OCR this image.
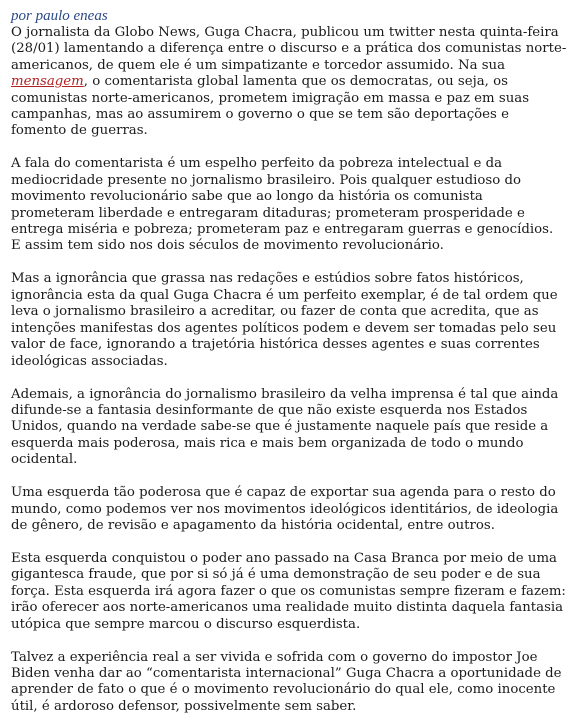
por paulo eneas

O jornalista da Globo News, Guga Chacra, publicou um twitter nesta quinta-feira (28/01) lamentando a diferença entre o discurso e a prática dos comunistas norte-americanos, de quem ele é um simpatizante e torcedor assumido. Na sua mensagem, o comentarista global lamenta que os democratas, ou seja, os comunistas norte-americanos, prometem imigração em massa e paz em suas campanhas, mas ao assumirem o governo o que se tem são deportações e fomento de guerras.

A fala do comentarista é um espelho perfeito da pobreza intelectual e da mediocridade presente no jornalismo brasileiro. Pois qualquer estudioso do movimento revolucionário sabe que ao longo da história os comunista prometeram liberdade e entregaram ditaduras; prometeram prosperidade e entrega miséria e pobreza; prometeram paz e entregaram guerras e genocídios. E assim tem sido nos dois séculos de movimento revolucionário.

Mas a ignorância que grassa nas redações e estúdios sobre fatos históricos, ignorância esta da qual Guga Chacra é um perfeito exemplar, é de tal ordem que leva o jornalismo brasileiro a acreditar, ou fazer de conta que acredita, que as intenções manifestas dos agentes políticos podem e devem ser tomadas pelo seu valor de face, ignorando a trajetória histórica desses agentes e suas correntes ideológicas associadas.

Ademais, a ignorância do jornalismo brasileiro da velha imprensa é tal que ainda difunde-se a fantasia desinformante de que não existe esquerda nos Estados Unidos, quando na verdade sabe-se que é justamente naquele país que reside a esquerda mais poderosa, mais rica e mais bem organizada de todo o mundo ocidental.

Uma esquerda tão poderosa que é capaz de exportar sua agenda para o resto do mundo, como podemos ver nos movimentos ideológicos identitários, de ideologia de gênero, de revisão e apagamento da história ocidental, entre outros.

Esta esquerda conquistou o poder ano passado na Casa Branca por meio de uma gigantesca fraude, que por si só já é uma demonstração de seu poder e de sua força. Esta esquerda irá agora fazer o que os comunistas sempre fizeram e fazem: irão oferecer aos norte-americanos uma realidade muito distinta daquela fantasia utópica que sempre marcou o discurso esquerdista.

Talvez a experiência real a ser vivida e sofrida com o governo do impostor Joe Biden venha dar ao “comentarista internacional” Guga Chacra a oportunidade de aprender de fato o que é o movimento revolucionário do qual ele, como inocente útil, é ardoroso defensor, possivelmente sem saber.
